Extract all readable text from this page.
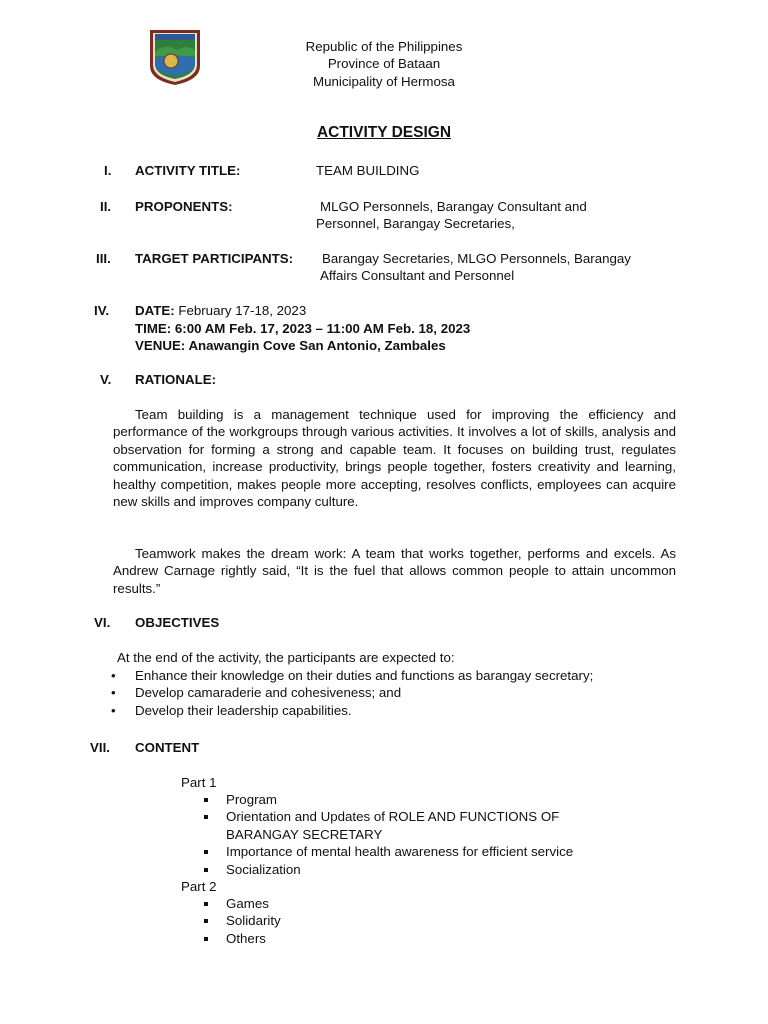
Republic of the Philippines
Province of Bataan
Municipality of Hermosa
ACTIVITY DESIGN
I. ACTIVITY TITLE:	TEAM BUILDING
II. PROPONENTS:	MLGO Personnels, Barangay Consultant and
Personnel, Barangay Secretaries,
III. TARGET PARTICIPANTS: Barangay Secretaries, MLGO Personnels, Barangay
Affairs Consultant and Personnel
IV. DATE: February 17-18, 2023
TIME: 6:00 AM Feb. 17, 2023 – 11:00 AM Feb. 18, 2023
VENUE: Anawangin Cove San Antonio, Zambales
V. RATIONALE:
Team building is a management technique used for improving the efficiency and performance of the workgroups through various activities. It involves a lot of skills, analysis and observation for forming a strong and capable team. It focuses on building trust, regulates communication, increase productivity, brings people together, fosters creativity and learning, healthy competition, makes people more accepting, resolves conflicts, employees can acquire new skills and improves company culture.
Teamwork makes the dream work: A team that works together, performs and excels. As Andrew Carnage rightly said, “It is the fuel that allows common people to attain uncommon results.”
VI. OBJECTIVES
At the end of the activity, the participants are expected to:
• Enhance their knowledge on their duties and functions as barangay secretary;
• Develop camaraderie and cohesiveness; and
• Develop their leadership capabilities.
VII. CONTENT
Part 1
Program
Orientation and Updates of ROLE AND FUNCTIONS OF BARANGAY SECRETARY
Importance of mental health awareness for efficient service
Socialization
Part 2
Games
Solidarity
Others
